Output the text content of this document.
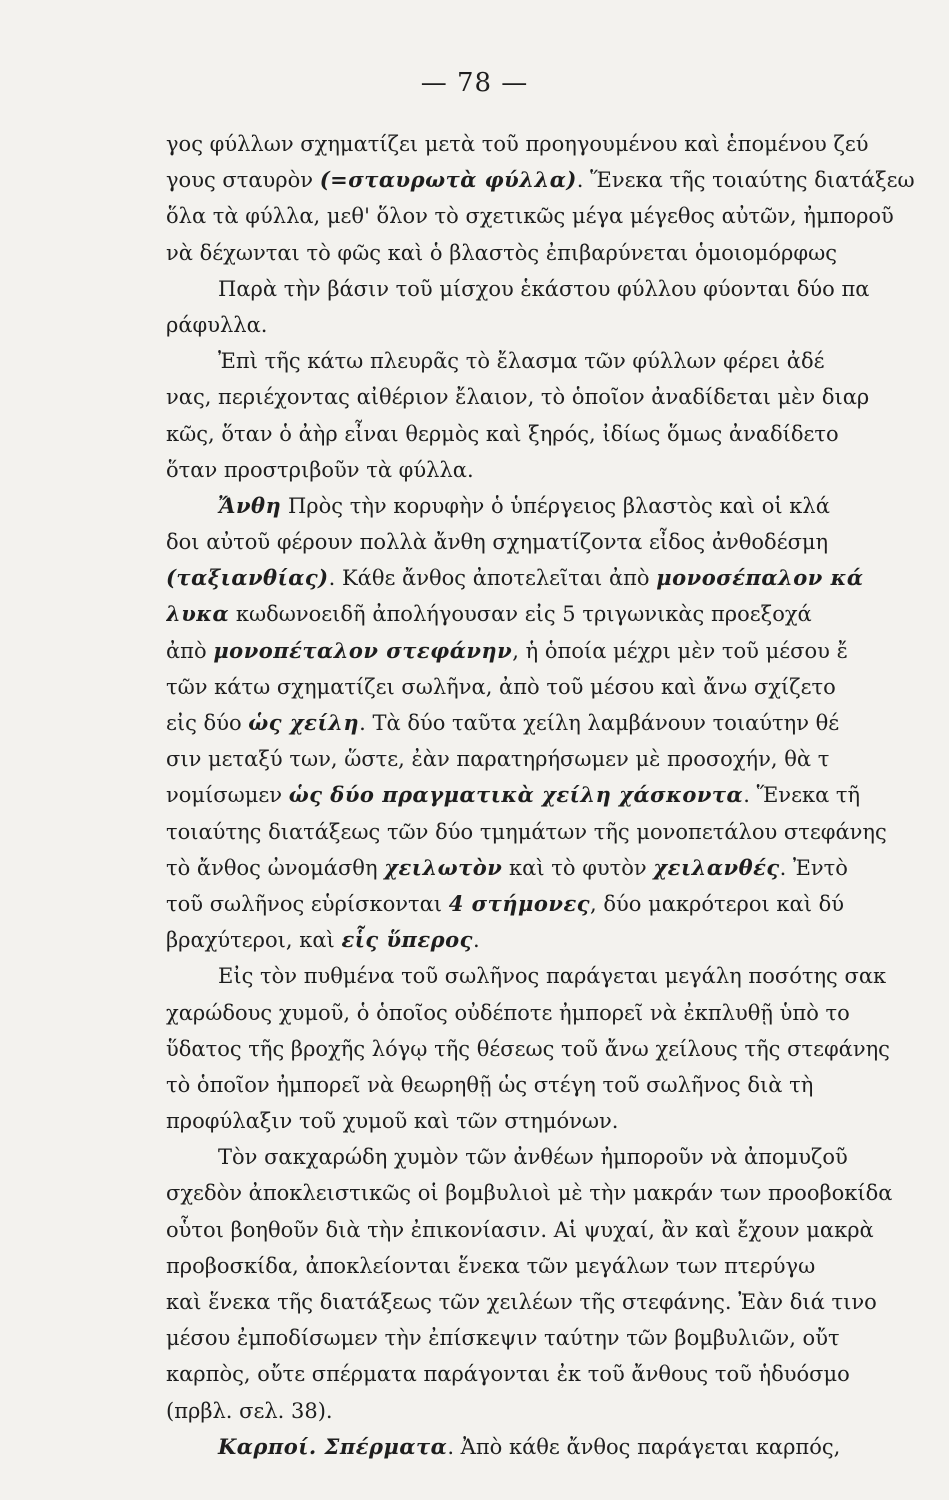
— 78 —
γος φύλλων σχηματίζει μετὰ τοῦ προηγουμένου καὶ ἑπομένου ζεύ
γους σταυρὸν (=σταυρωτὰ φύλλα). Ἕνεκα τῆς τοιαύτης διατάξεω
ὅλα τὰ φύλλα, μεθ' ὅλον τὸ σχετικῶς μέγα μέγεθος αὐτῶν, ἠμποροῦ
νὰ δέχωνται τὸ φῶς καὶ ὁ βλαστὸς ἐπιβαρύνεται ὁμοιομόρφως
Παρὰ τὴν βάσιν τοῦ μίσχου ἑκάστου φύλλου φύονται δύο πα
ράφυλλα.
Ἐπὶ τῆς κάτω πλευρᾶς τὸ ἔλασμα τῶν φύλλων φέρει ἀδέ
νας, περιέχοντας αἰθέριον ἔλαιον, τὸ ὁποῖον ἀναδίδεται μὲν διαρ
κῶς, ὅταν ὁ ἀὴρ εἶναι θερμὸς καὶ ξηρός, ἰδίως ὅμως ἀναδίδετο
ὅταν προστριβοῦν τὰ φύλλα.
Ἄνθη Πρὸς τὴν κορυφὴν ὁ ὑπέργειος βλαστὸς καὶ οἱ κλά
δοι αὐτοῦ φέρουν πολλὰ ἄνθη σχηματίζοντα εἶδος ἀνθοδέσμη
(ταξιανθίας). Κάθε ἄνθος ἀποτελεῖται ἀπὸ μονοσέπαλον κά
λυκα κωδωνοειδῆ ἀπολήγουσαν εἰς 5 τριγωνικὰς προεξοχά
ἀπὸ μονοπέταλον στεφάνην, ἡ ὁποία μέχρι μὲν τοῦ μέσου ἔ
τῶν κάτω σχηματίζει σωλῆνα, ἀπὸ τοῦ μέσου καὶ ἄνω σχίζετο
εἰς δύο ὡς χείλη. Τὰ δύο ταῦτα χείλη λαμβάνουν τοιαύτην θέ
σιν μεταξύ των, ὥστε, ἐὰν παρατηρήσωμεν μὲ προσοχήν, θὰ τ
νομίσωμεν ὡς δύο πραγματικὰ χείλη χάσκοντα. Ἕνεκα τῆ
τοιαύτης διατάξεως τῶν δύο τμημάτων τῆς μονοπετάλου στεφάνης
τὸ ἄνθος ὠνομάσθη χειλωτὸν καὶ τὸ φυτὸν χειλανθές. Ἐντὸ
τοῦ σωλῆνος εὑρίσκονται 4 στήμονες, δύο μακρότεροι καὶ δύ
βραχύτεροι, καὶ εἷς ὕπερος.
Εἰς τὸν πυθμένα τοῦ σωλῆνος παράγεται μεγάλη ποσότης σακ
χαρώδους χυμοῦ, ὁ ὁποῖος οὐδέποτε ἠμπορεῖ νὰ ἐκπλυθῇ ὑπὸ το
ὕδατος τῆς βροχῆς λόγῳ τῆς θέσεως τοῦ ἄνω χείλους τῆς στεφάνης
τὸ ὁποῖον ἠμπορεῖ νὰ θεωρηθῇ ὡς στέγη τοῦ σωλῆνος διὰ τὴ
προφύλαξιν τοῦ χυμοῦ καὶ τῶν στημόνων.
Τὸν σακχαρώδη χυμὸν τῶν ἀνθέων ἠμποροῦν νὰ ἀπομυζοῦ
σχεδὸν ἀποκλειστικῶς οἱ βομβυλιοὶ μὲ τὴν μακράν των προοβοκίδα
οὗτοι βοηθοῦν διὰ τὴν ἐπικονίασιν. Αἱ ψυχαί, ἂν καὶ ἔχουν μακρὰ
προβοσκίδα, ἀποκλείονται ἕνεκα τῶν μεγάλων των πτερύγω
καὶ ἕνεκα τῆς διατάξεως τῶν χειλέων τῆς στεφάνης. Ἐὰν διά τινο
μέσου ἐμποδίσωμεν τὴν ἐπίσκεψιν ταύτην τῶν βομβυλιῶν, οὔτ
καρπὸς, οὔτε σπέρματα παράγονται ἐκ τοῦ ἄνθους τοῦ ἡδυόσμο
(πρβλ. σελ. 38).
Καρποί. Σπέρματα. Ἀπὸ κάθε ἄνθος παράγεται καρπός,
